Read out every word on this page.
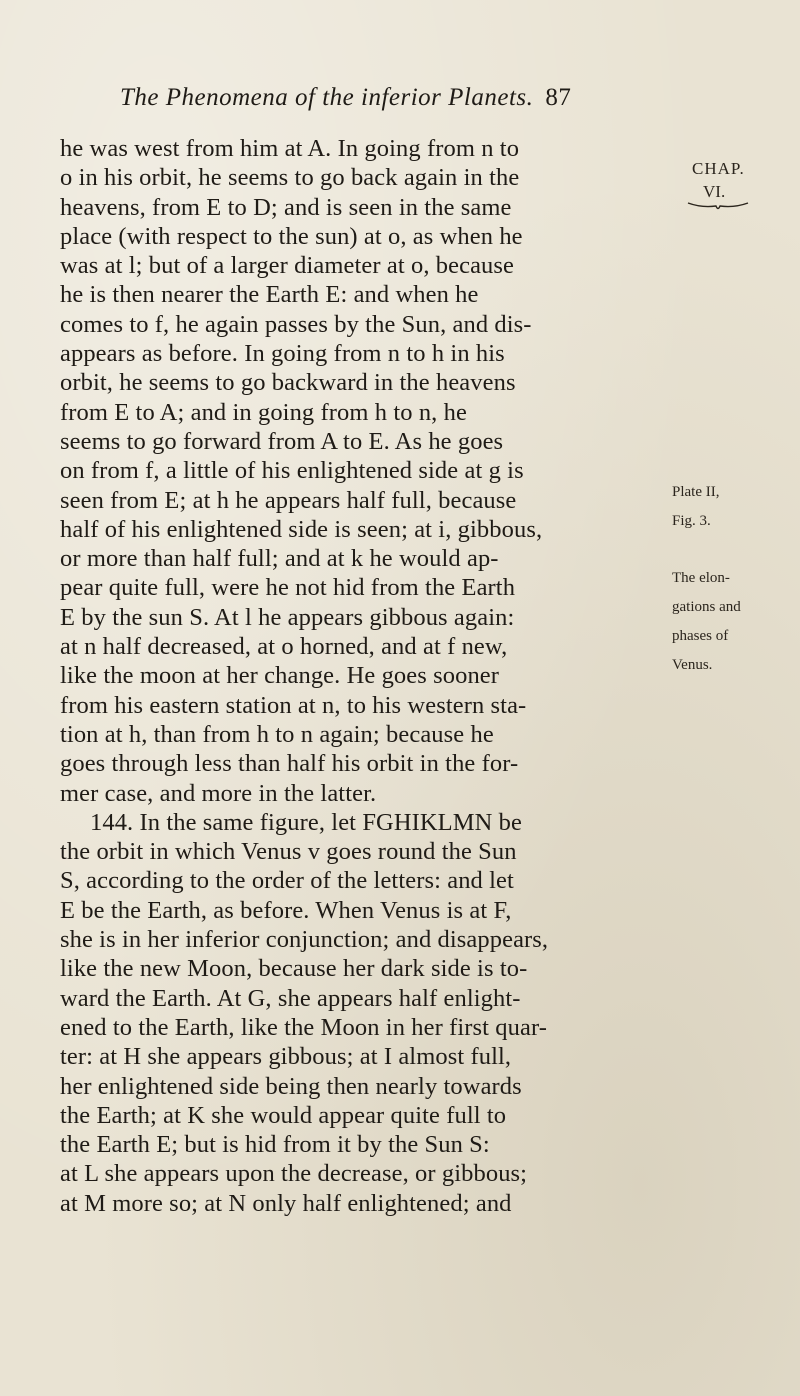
The Phenomena of the inferior Planets. 87
CHAP.
VI.
he was west from him at A. In going from n to
o in his orbit, he seems to go back again in the
heavens, from E to D; and is seen in the same
place (with respect to the sun) at o, as when he
was at l; but of a larger diameter at o, because
he is then nearer the Earth E: and when he
comes to f, he again passes by the Sun, and dis-
appears as before. In going from n to h in his
orbit, he seems to go backward in the heavens
from E to A; and in going from h to n, he
seems to go forward from A to E. As he goes
on from f, a little of his enlightened side at g is
seen from E; at h he appears half full, because
half of his enlightened side is seen; at i, gibbous,
or more than half full; and at k he would ap-
pear quite full, were he not hid from the Earth
E by the sun S. At l he appears gibbous again:
at n half decreased, at o horned, and at f new,
like the moon at her change. He goes sooner
from his eastern station at n, to his western sta-
tion at h, than from h to n again; because he
goes through less than half his orbit in the for-
mer case, and more in the latter.
144. In the same figure, let FGHIKLMN be
the orbit in which Venus v goes round the Sun
S, according to the order of the letters: and let
E be the Earth, as before. When Venus is at F,
she is in her inferior conjunction; and disappears,
like the new Moon, because her dark side is to-
ward the Earth. At G, she appears half enlight-
ened to the Earth, like the Moon in her first quar-
ter: at H she appears gibbous; at I almost full,
her enlightened side being then nearly towards
the Earth; at K she would appear quite full to
the Earth E; but is hid from it by the Sun S:
at L she appears upon the decrease, or gibbous;
at M more so; at N only half enlightened; and
Plate II,
Fig. 3.
The elon-
gations and
phases of
Venus.
